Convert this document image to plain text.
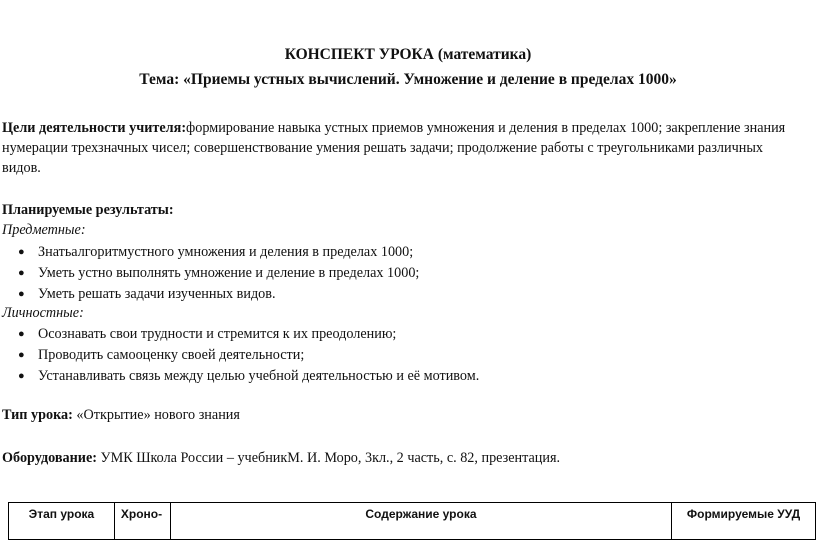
КОНСПЕКТ УРОКА (математика)
Тема: «Приемы устных вычислений. Умножение и деление в пределах 1000»
Цели деятельности учителя:формирование навыка устных приемов умножения и деления в пределах 1000; закрепление знания нумерации трехзначных чисел; совершенствование умения решать задачи; продолжение работы с треугольниками различных видов.
Планируемые результаты:
Предметные:
● Знатьалгоритмустного умножения и деления в пределах 1000;
● Уметь устно выполнять умножение и деление в пределах 1000;
● Уметь решать задачи изученных видов.
Личностные:
● Осознавать свои трудности и стремится к их преодолению;
● Проводить самооценку своей деятельности;
● Устанавливать связь между целью учебной деятельностью и её мотивом.
Тип урока: «Открытие» нового знания
Оборудование: УМК Школа России – учебникМ. И. Моро, 3кл., 2 часть, с. 82, презентация.
Этап урока	Хроно-	Содержание урока	Формируемые УУД
